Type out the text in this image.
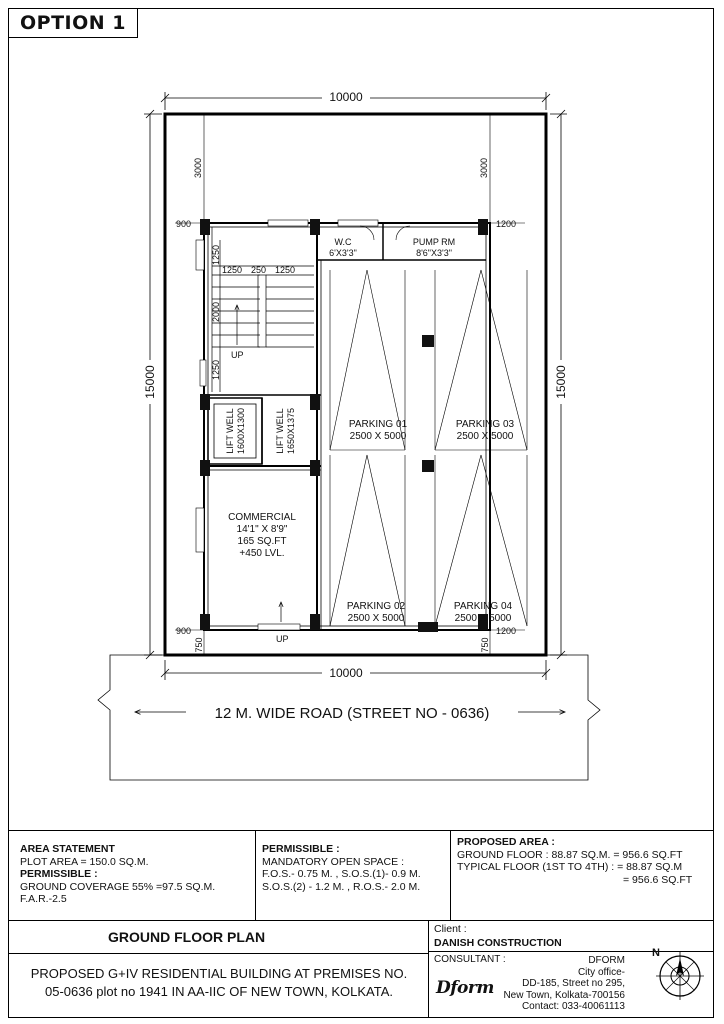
OPTION 1
10000
10000
15000	15000
3000	3000
900	1200
900	1200
750	750
1250 250 1250
1250
2000
1250
UP
W.C
6'X3'3"
PUMP RM
8'6"X3'3"
LIFT WELL 1600X1300	LIFT WELL 1650X1375	PARKING 01
2500 X 5000
PARKING 03
2500 X 5000
PARKING 02
2500 X 5000
PARKING 04
2500 X 5000
COMMERCIAL
14'1" X 8'9"
165 SQ.FT
+450 LVL.
UP
12 M. WIDE ROAD (STREET NO - 0636)
AREA STATEMENT
PLOT AREA = 150.0 SQ.M.
PERMISSIBLE :
GROUND COVERAGE 55% =97.5 SQ.M.
F.A.R.-2.5
PERMISSIBLE :
MANDATORY OPEN SPACE :
F.O.S.- 0.75 M. , S.O.S.(1)- 0.9 M.
S.O.S.(2) - 1.2 M. , R.O.S.- 2.0 M.
PROPOSED AREA :
GROUND FLOOR : 88.87 SQ.M. = 956.6 SQ.FT
TYPICAL FLOOR (1ST TO 4TH) : = 88.87 SQ.M
= 956.6 SQ.FT
GROUND FLOOR PLAN	Client :
DANISH CONSTRUCTION
PROPOSED G+IV RESIDENTIAL BUILDING AT PREMISES NO.
05-0636 plot no 1941 IN AA-IIC OF NEW TOWN, KOLKATA.
CONSULTANT :
Dform
DFORM
City office-
DD-185, Street no 295,
New Town, Kolkata-700156
Contact: 033-40061113
N
